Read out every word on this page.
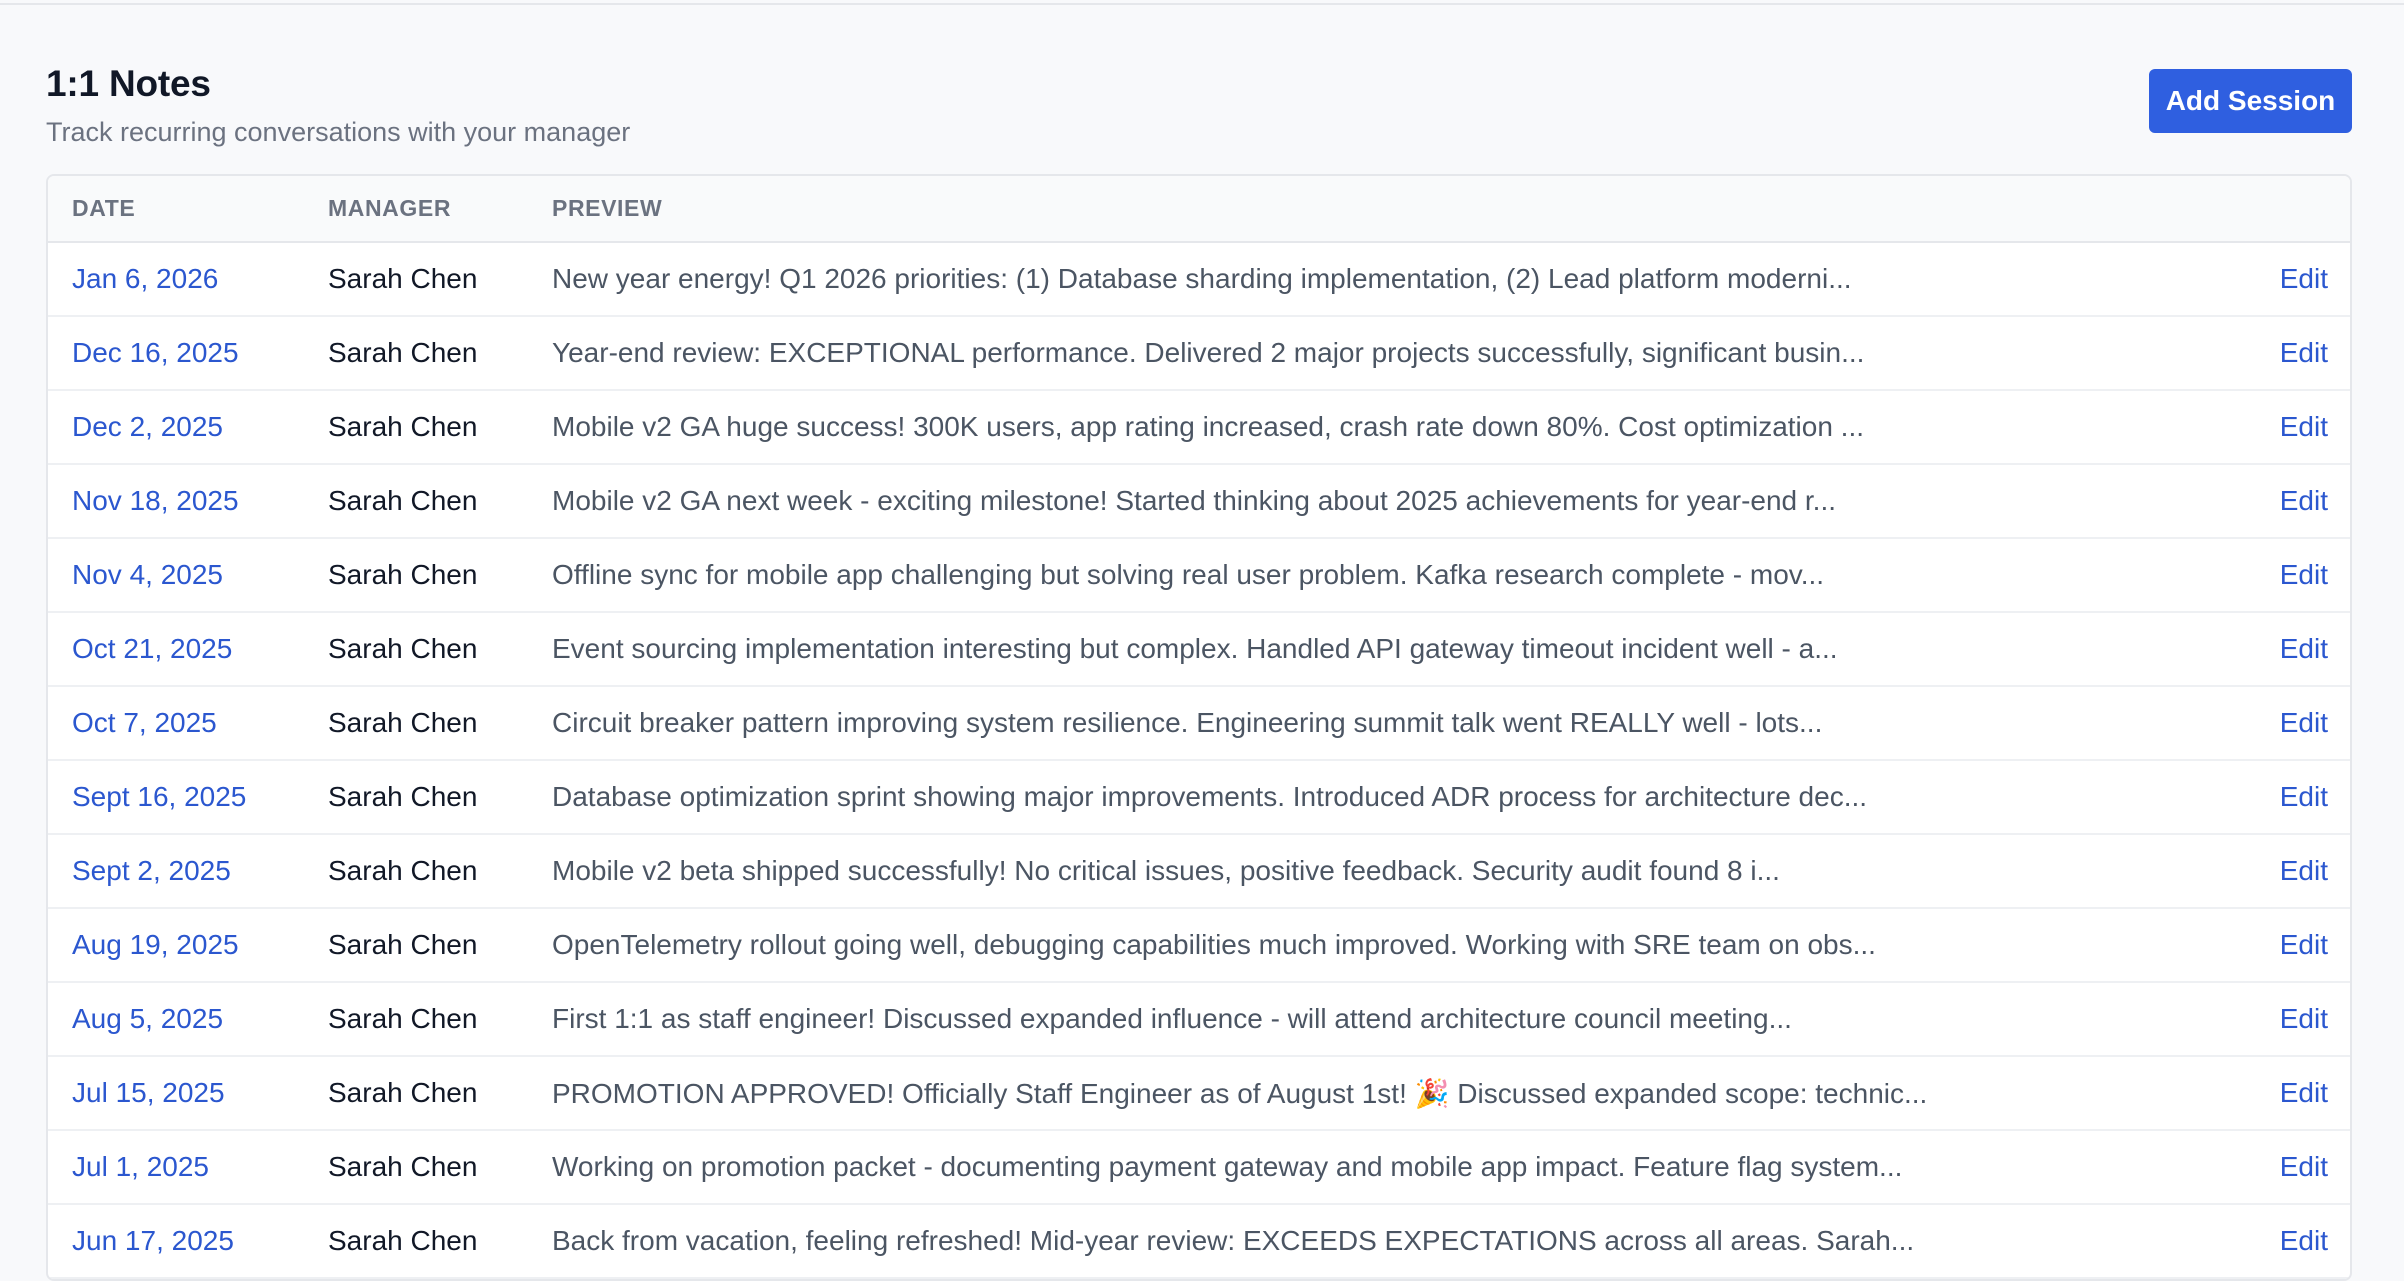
1:1 Notes

Track recurring conversations with your manager

Add Session
DATE	MANAGER	PREVIEW	
Jan 6, 2026	Sarah Chen	New year energy! Q1 2026 priorities: (1) Database sharding implementation, (2) Lead platform moderni...	Edit
Dec 16, 2025	Sarah Chen	Year-end review: EXCEPTIONAL performance. Delivered 2 major projects successfully, significant busin...	Edit
Dec 2, 2025	Sarah Chen	Mobile v2 GA huge success! 300K users, app rating increased, crash rate down 80%. Cost optimization ...	Edit
Nov 18, 2025	Sarah Chen	Mobile v2 GA next week - exciting milestone! Started thinking about 2025 achievements for year-end r...	Edit
Nov 4, 2025	Sarah Chen	Offline sync for mobile app challenging but solving real user problem. Kafka research complete - mov...	Edit
Oct 21, 2025	Sarah Chen	Event sourcing implementation interesting but complex. Handled API gateway timeout incident well - a...	Edit
Oct 7, 2025	Sarah Chen	Circuit breaker pattern improving system resilience. Engineering summit talk went REALLY well - lots...	Edit
Sept 16, 2025	Sarah Chen	Database optimization sprint showing major improvements. Introduced ADR process for architecture dec...	Edit
Sept 2, 2025	Sarah Chen	Mobile v2 beta shipped successfully! No critical issues, positive feedback. Security audit found 8 i...	Edit
Aug 19, 2025	Sarah Chen	OpenTelemetry rollout going well, debugging capabilities much improved. Working with SRE team on obs...	Edit
Aug 5, 2025	Sarah Chen	First 1:1 as staff engineer! Discussed expanded influence - will attend architecture council meeting...	Edit
Jul 15, 2025	Sarah Chen	PROMOTION APPROVED! Officially Staff Engineer as of August 1st! 🎉 Discussed expanded scope: technic...	Edit
Jul 1, 2025	Sarah Chen	Working on promotion packet - documenting payment gateway and mobile app impact. Feature flag system...	Edit
Jun 17, 2025	Sarah Chen	Back from vacation, feeling refreshed! Mid-year review: EXCEEDS EXPECTATIONS across all areas. Sarah...	Edit
